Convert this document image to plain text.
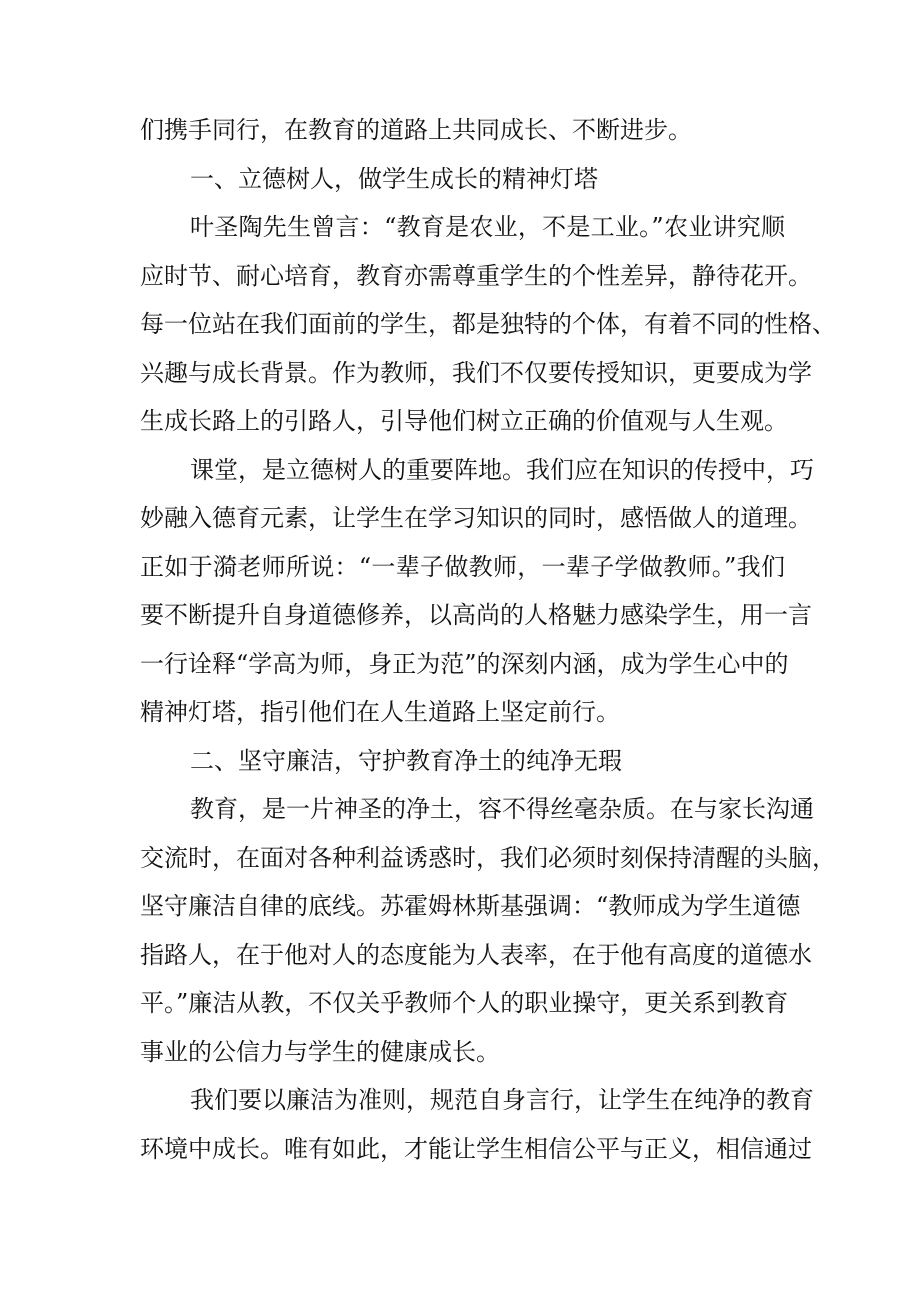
们携手同行，在教育的道路上共同成长、不断进步。
一、立德树人，做学生成长的精神灯塔
叶圣陶先生曾言：“教育是农业，不是工业。”农业讲究顺
应时节、耐心培育，教育亦需尊重学生的个性差异，静待花开。
每一位站在我们面前的学生，都是独特的个体，有着不同的性格、
兴趣与成长背景。作为教师，我们不仅要传授知识，更要成为学
生成长路上的引路人，引导他们树立正确的价值观与人生观。
课堂，是立德树人的重要阵地。我们应在知识的传授中，巧
妙融入德育元素，让学生在学习知识的同时，感悟做人的道理。
正如于漪老师所说：“一辈子做教师，一辈子学做教师。”我们
要不断提升自身道德修养，以高尚的人格魅力感染学生，用一言
一行诠释“学高为师，身正为范”的深刻内涵，成为学生心中的
精神灯塔，指引他们在人生道路上坚定前行。
二、坚守廉洁，守护教育净土的纯净无瑕
教育，是一片神圣的净土，容不得丝毫杂质。在与家长沟通
交流时，在面对各种利益诱惑时，我们必须时刻保持清醒的头脑，
坚守廉洁自律的底线。苏霍姆林斯基强调：“教师成为学生道德
指路人，在于他对人的态度能为人表率，在于他有高度的道德水
平。”廉洁从教，不仅关乎教师个人的职业操守，更关系到教育
事业的公信力与学生的健康成长。
我们要以廉洁为准则，规范自身言行，让学生在纯净的教育
环境中成长。唯有如此，才能让学生相信公平与正义，相信通过
